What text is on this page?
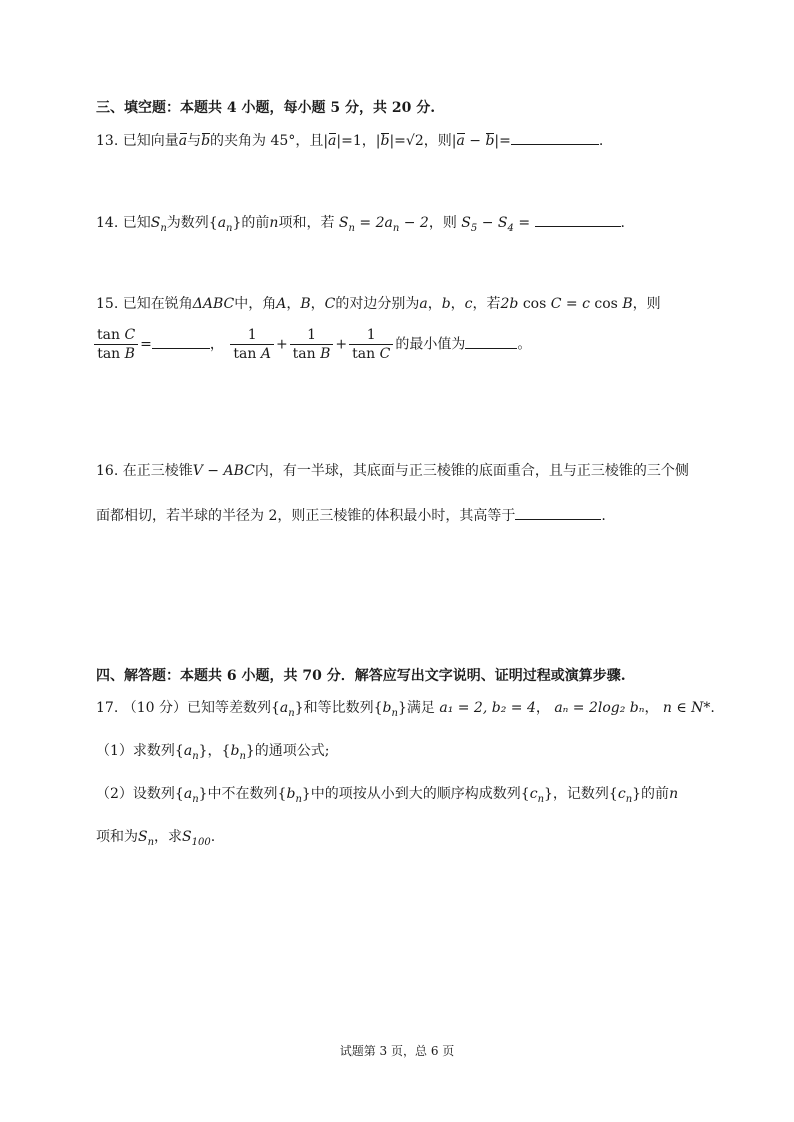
三、填空题：本题共 4 小题，每小题 5 分，共 20 分.
13. 已知向量a与b的夹角为 45°，且|a|=1，|b|=√2，则|a − b|=	.
14. 已知$S_n$为数列$\{a_n\}$的前n项和，若 $S_n = 2a_n - 2$，则 $S_5 - S_4$ =	.
15. 已知在锐角ΔABC中，角A，B，C的对边分别为a，b，c，若2b cos C = c cos B，则
$\frac{\text{tan C}}{\text{tan B}}$ =	， $\frac{1}{\text{tan A}} + \frac{1}{\text{tan B}} + \frac{1}{\text{tan C}}$ 的最小值为	。
16. 在正三棱锥V − ABC内，有一半球，其底面与正三棱锥的底面重合，且与正三棱锥的三个侧
面都相切，若半球的半径为 2，则正三棱锥的体积最小时，其高等于	.
四、解答题：本题共 6 小题，共 70 分．解答应写出文字说明、证明过程或演算步骤.
17. （10 分）已知等差数列$\{a_n\}$和等比数列$\{b_n\}$满足 a₁ = 2, b₂ = 4， aₙ = 2log₂ bₙ， n ∈ N*.
（1）求数列$\{a_n\}$，$\{b_n\}$的通项公式;
（2）设数列$\{a_n\}$中不在数列$\{b_n\}$中的项按从小到大的顺序构成数列$\{c_n\}$，记数列$\{c_n\}$的前n
项和为$S_n$，求$S_{100}$.
试题第 3 页，总 6 页
